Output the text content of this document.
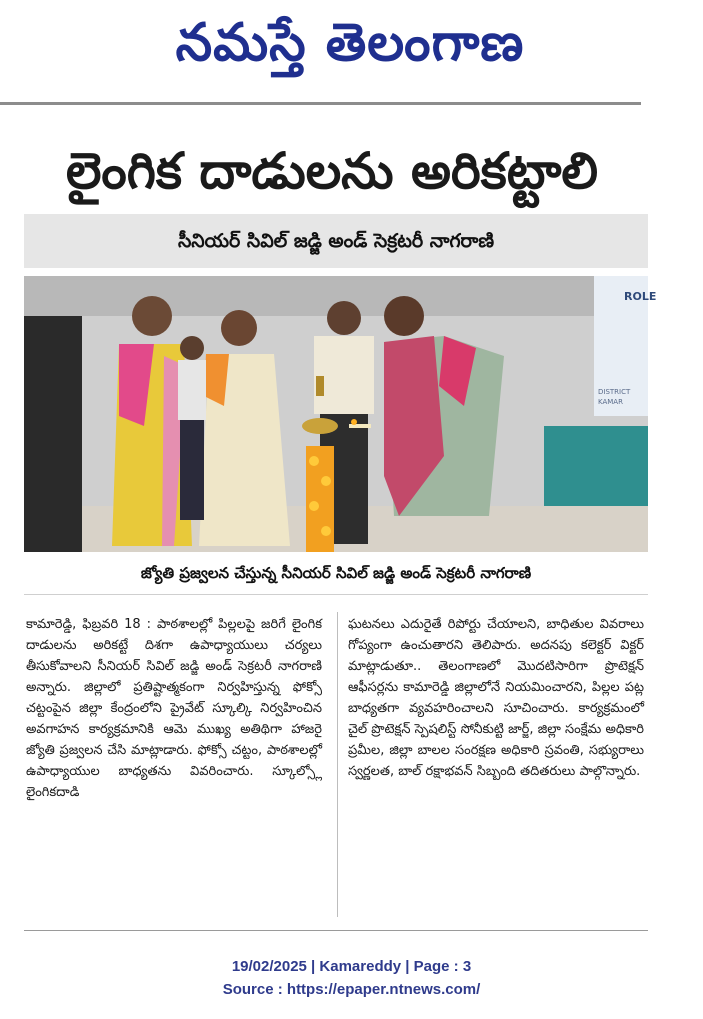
నమస్తే తెలంగాణ
లైంగిక దాడులను అరికట్టాలి
సీనియర్ సివిల్ జడ్జి అండ్ సెక్రటరీ నాగరాణి
ROLE
DISTRICT
KAMAR
జ్యోతి ప్రజ్వలన చేస్తున్న సీనియర్ సివిల్ జడ్జి అండ్ సెక్రటరీ నాగరాణి
కామారెడ్డి, ఫిబ్రవరి 18 : పాఠశాలల్లో పిల్లలపై జరిగే లైంగిక దాడులను అరికట్టే దిశగా ఉపాధ్యాయులు చర్యలు తీసుకోవాలని సీనియర్ సివిల్ జడ్జి అండ్ సెక్రటరీ నాగరాణి అన్నారు. జిల్లాలో ప్రతిష్టాత్మకంగా నిర్వహిస్తున్న ఫోక్సో చట్టంపైన జిల్లా కేంద్రంలోని ప్రైవేట్ స్కూల్కి నిర్వహించిన అవగాహన కార్యక్రమానికి ఆమె ముఖ్య అతిథిగా హాజరై జ్యోతి ప్రజ్వలన చేసి మాట్లాడారు. ఫోక్సో చట్టం, పాఠశాలల్లో ఉపాధ్యాయుల బాధ్యతను వివరించారు. స్కూల్స్లో లైంగికదాడి
ఘటనలు ఎదురైతే రిపోర్టు చేయాలని, బాధితుల వివరాలు గోప్యంగా ఉంచుతారని తెలిపారు. అదనపు కలెక్టర్ విక్టర్ మాట్లాడుతూ.. తెలంగాణలో మొదటిసారిగా ప్రొటెక్షన్ ఆఫీసర్లను కామారెడ్డి జిల్లాలోనే నియమించారని, పిల్లల పట్ల బాధ్యతగా వ్యవహరించాలని సూచించారు. కార్యక్రమంలో చైల్ ప్రొటెక్షన్ స్పెషలిస్ట్ సోనీకుట్టి జార్జ్, జిల్లా సంక్షేమ అధికారి ప్రమీల, జిల్లా బాలల సంరక్షణ అధికారి స్రవంతి, సభ్యురాలు స్వర్ణలత, బాల్ రక్షాభవన్ సిబ్బంది తదితరులు పాల్గొన్నారు.
19/02/2025 | Kamareddy | Page : 3
Source : https://epaper.ntnews.com/
